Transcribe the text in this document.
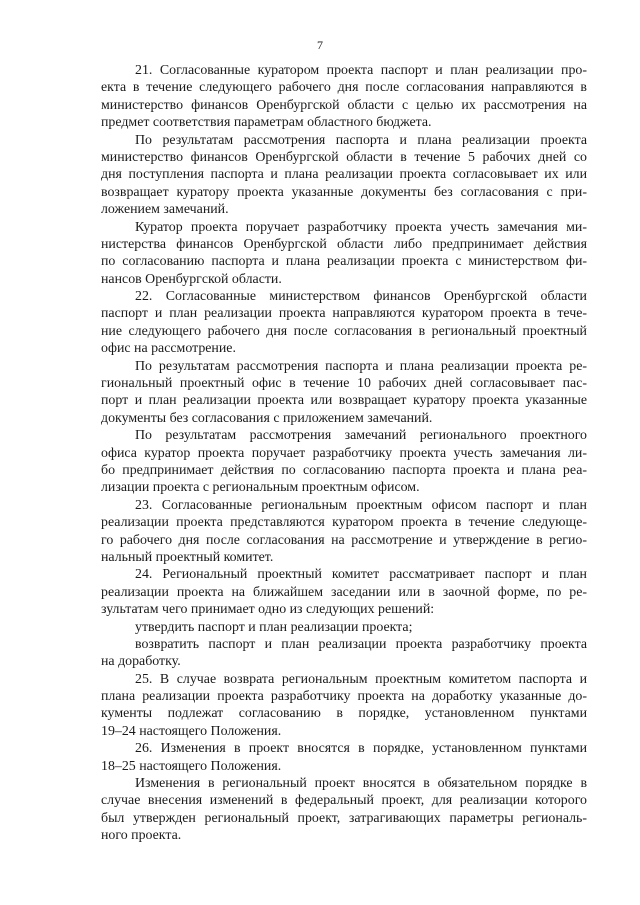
7
21. Согласованные куратором проекта паспорт и план реализации про-
екта в течение следующего рабочего дня после согласования направляются в
министерство финансов Оренбургской области с целью их рассмотрения на
предмет соответствия параметрам областного бюджета.
По результатам рассмотрения паспорта и плана реализации проекта
министерство финансов Оренбургской области в течение 5 рабочих дней со
дня поступления паспорта и плана реализации проекта согласовывает их или
возвращает куратору проекта указанные документы без согласования с при-
ложением замечаний.
Куратор проекта поручает разработчику проекта учесть замечания ми-
нистерства финансов Оренбургской области либо предпринимает действия
по согласованию паспорта и плана реализации проекта с министерством фи-
нансов Оренбургской области.
22. Согласованные министерством финансов Оренбургской области
паспорт и план реализации проекта направляются куратором проекта в тече-
ние следующего рабочего дня после согласования в региональный проектный
офис на рассмотрение.
По результатам рассмотрения паспорта и плана реализации проекта ре-
гиональный проектный офис в течение 10 рабочих дней согласовывает пас-
порт и план реализации проекта или возвращает куратору проекта указанные
документы без согласования с приложением замечаний.
По результатам рассмотрения замечаний регионального проектного
офиса куратор проекта поручает разработчику проекта учесть замечания ли-
бо предпринимает действия по согласованию паспорта проекта и плана реа-
лизации проекта с региональным проектным офисом.
23. Согласованные региональным проектным офисом паспорт и план
реализации проекта представляются куратором проекта в течение следующе-
го рабочего дня после согласования на рассмотрение и утверждение в регио-
нальный проектный комитет.
24. Региональный проектный комитет рассматривает паспорт и план
реализации проекта на ближайшем заседании или в заочной форме, по ре-
зультатам чего принимает одно из следующих решений:
утвердить паспорт и план реализации проекта;
возвратить паспорт и план реализации проекта разработчику проекта
на доработку.
25. В случае возврата региональным проектным комитетом паспорта и
плана реализации проекта разработчику проекта на доработку указанные до-
кументы подлежат согласованию в порядке, установленном пунктами
19–24 настоящего Положения.
26. Изменения в проект вносятся в порядке, установленном пунктами
18–25 настоящего Положения.
Изменения в региональный проект вносятся в обязательном порядке в
случае внесения изменений в федеральный проект, для реализации которого
был утвержден региональный проект, затрагивающих параметры региональ-
ного проекта.
